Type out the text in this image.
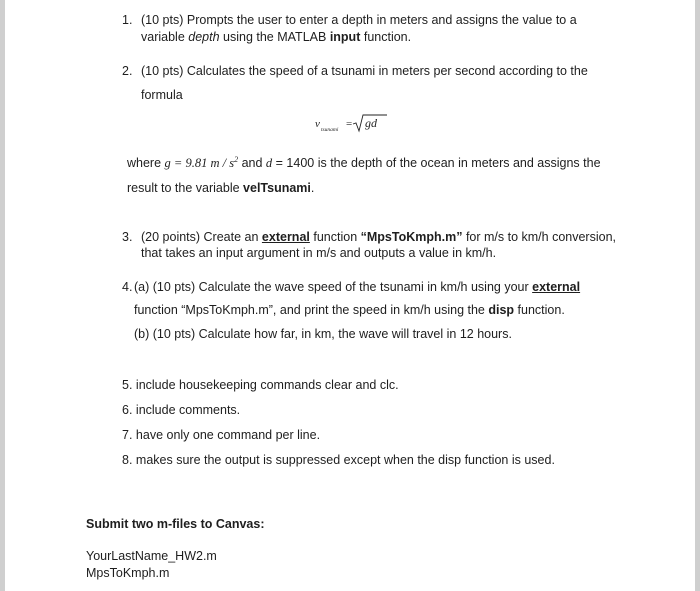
1. (10 pts) Prompts the user to enter a depth in meters and assigns the value to a
variable depth using the MATLAB input function.
2. (10 pts) Calculates the speed of a tsunami in meters per second according to the
formula
v tsunami = gd
where g = 9.81 m / $s^2$ and d = 1400 is the depth of the ocean in meters and assigns the
result to the variable velTsunami.
3. (20 points) Create an external function “MpsToKmph.m” for m/s to km/h conversion,
that takes an input argument in m/s and outputs a value in km/h.
4. (a) (10 pts) Calculate the wave speed of the tsunami in km/h using your external
function “MpsToKmph.m”, and print the speed in km/h using the disp function.
(b) (10 pts) Calculate how far, in km, the wave will travel in 12 hours.
5. include housekeeping commands clear and clc.
6. include comments.
7. have only one command per line.
8. makes sure the output is suppressed except when the disp function is used.
Submit two m-files to Canvas:
YourLastName_HW2.m
MpsToKmph.m
